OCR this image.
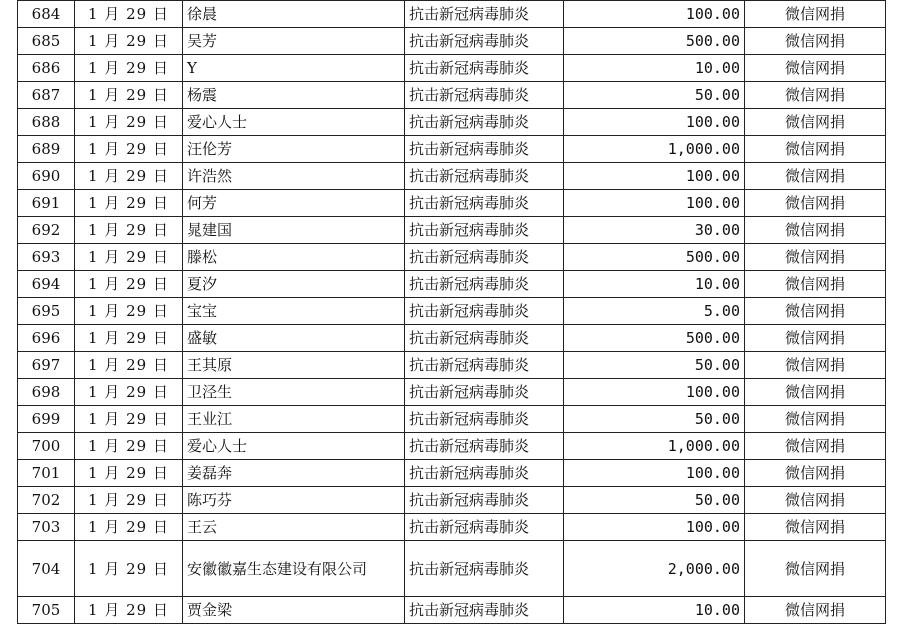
684	1 月 29 日	徐晨	抗击新冠病毒肺炎	100.00	微信网捐
685	1 月 29 日	吴芳	抗击新冠病毒肺炎	500.00	微信网捐
686	1 月 29 日	Y	抗击新冠病毒肺炎	10.00	微信网捐
687	1 月 29 日	杨震	抗击新冠病毒肺炎	50.00	微信网捐
688	1 月 29 日	爱心人士	抗击新冠病毒肺炎	100.00	微信网捐
689	1 月 29 日	汪伦芳	抗击新冠病毒肺炎	1,000.00	微信网捐
690	1 月 29 日	许浩然	抗击新冠病毒肺炎	100.00	微信网捐
691	1 月 29 日	何芳	抗击新冠病毒肺炎	100.00	微信网捐
692	1 月 29 日	晁建国	抗击新冠病毒肺炎	30.00	微信网捐
693	1 月 29 日	滕松	抗击新冠病毒肺炎	500.00	微信网捐
694	1 月 29 日	夏汐	抗击新冠病毒肺炎	10.00	微信网捐
695	1 月 29 日	宝宝	抗击新冠病毒肺炎	5.00	微信网捐
696	1 月 29 日	盛敏	抗击新冠病毒肺炎	500.00	微信网捐
697	1 月 29 日	王其原	抗击新冠病毒肺炎	50.00	微信网捐
698	1 月 29 日	卫泾生	抗击新冠病毒肺炎	100.00	微信网捐
699	1 月 29 日	王业江	抗击新冠病毒肺炎	50.00	微信网捐
700	1 月 29 日	爱心人士	抗击新冠病毒肺炎	1,000.00	微信网捐
701	1 月 29 日	姜磊奔	抗击新冠病毒肺炎	100.00	微信网捐
702	1 月 29 日	陈巧芬	抗击新冠病毒肺炎	50.00	微信网捐
703	1 月 29 日	王云	抗击新冠病毒肺炎	100.00	微信网捐
704	1 月 29 日	安徽徽嘉生态建设有限公司	抗击新冠病毒肺炎	2,000.00	微信网捐
705	1 月 29 日	贾金梁	抗击新冠病毒肺炎	10.00	微信网捐
